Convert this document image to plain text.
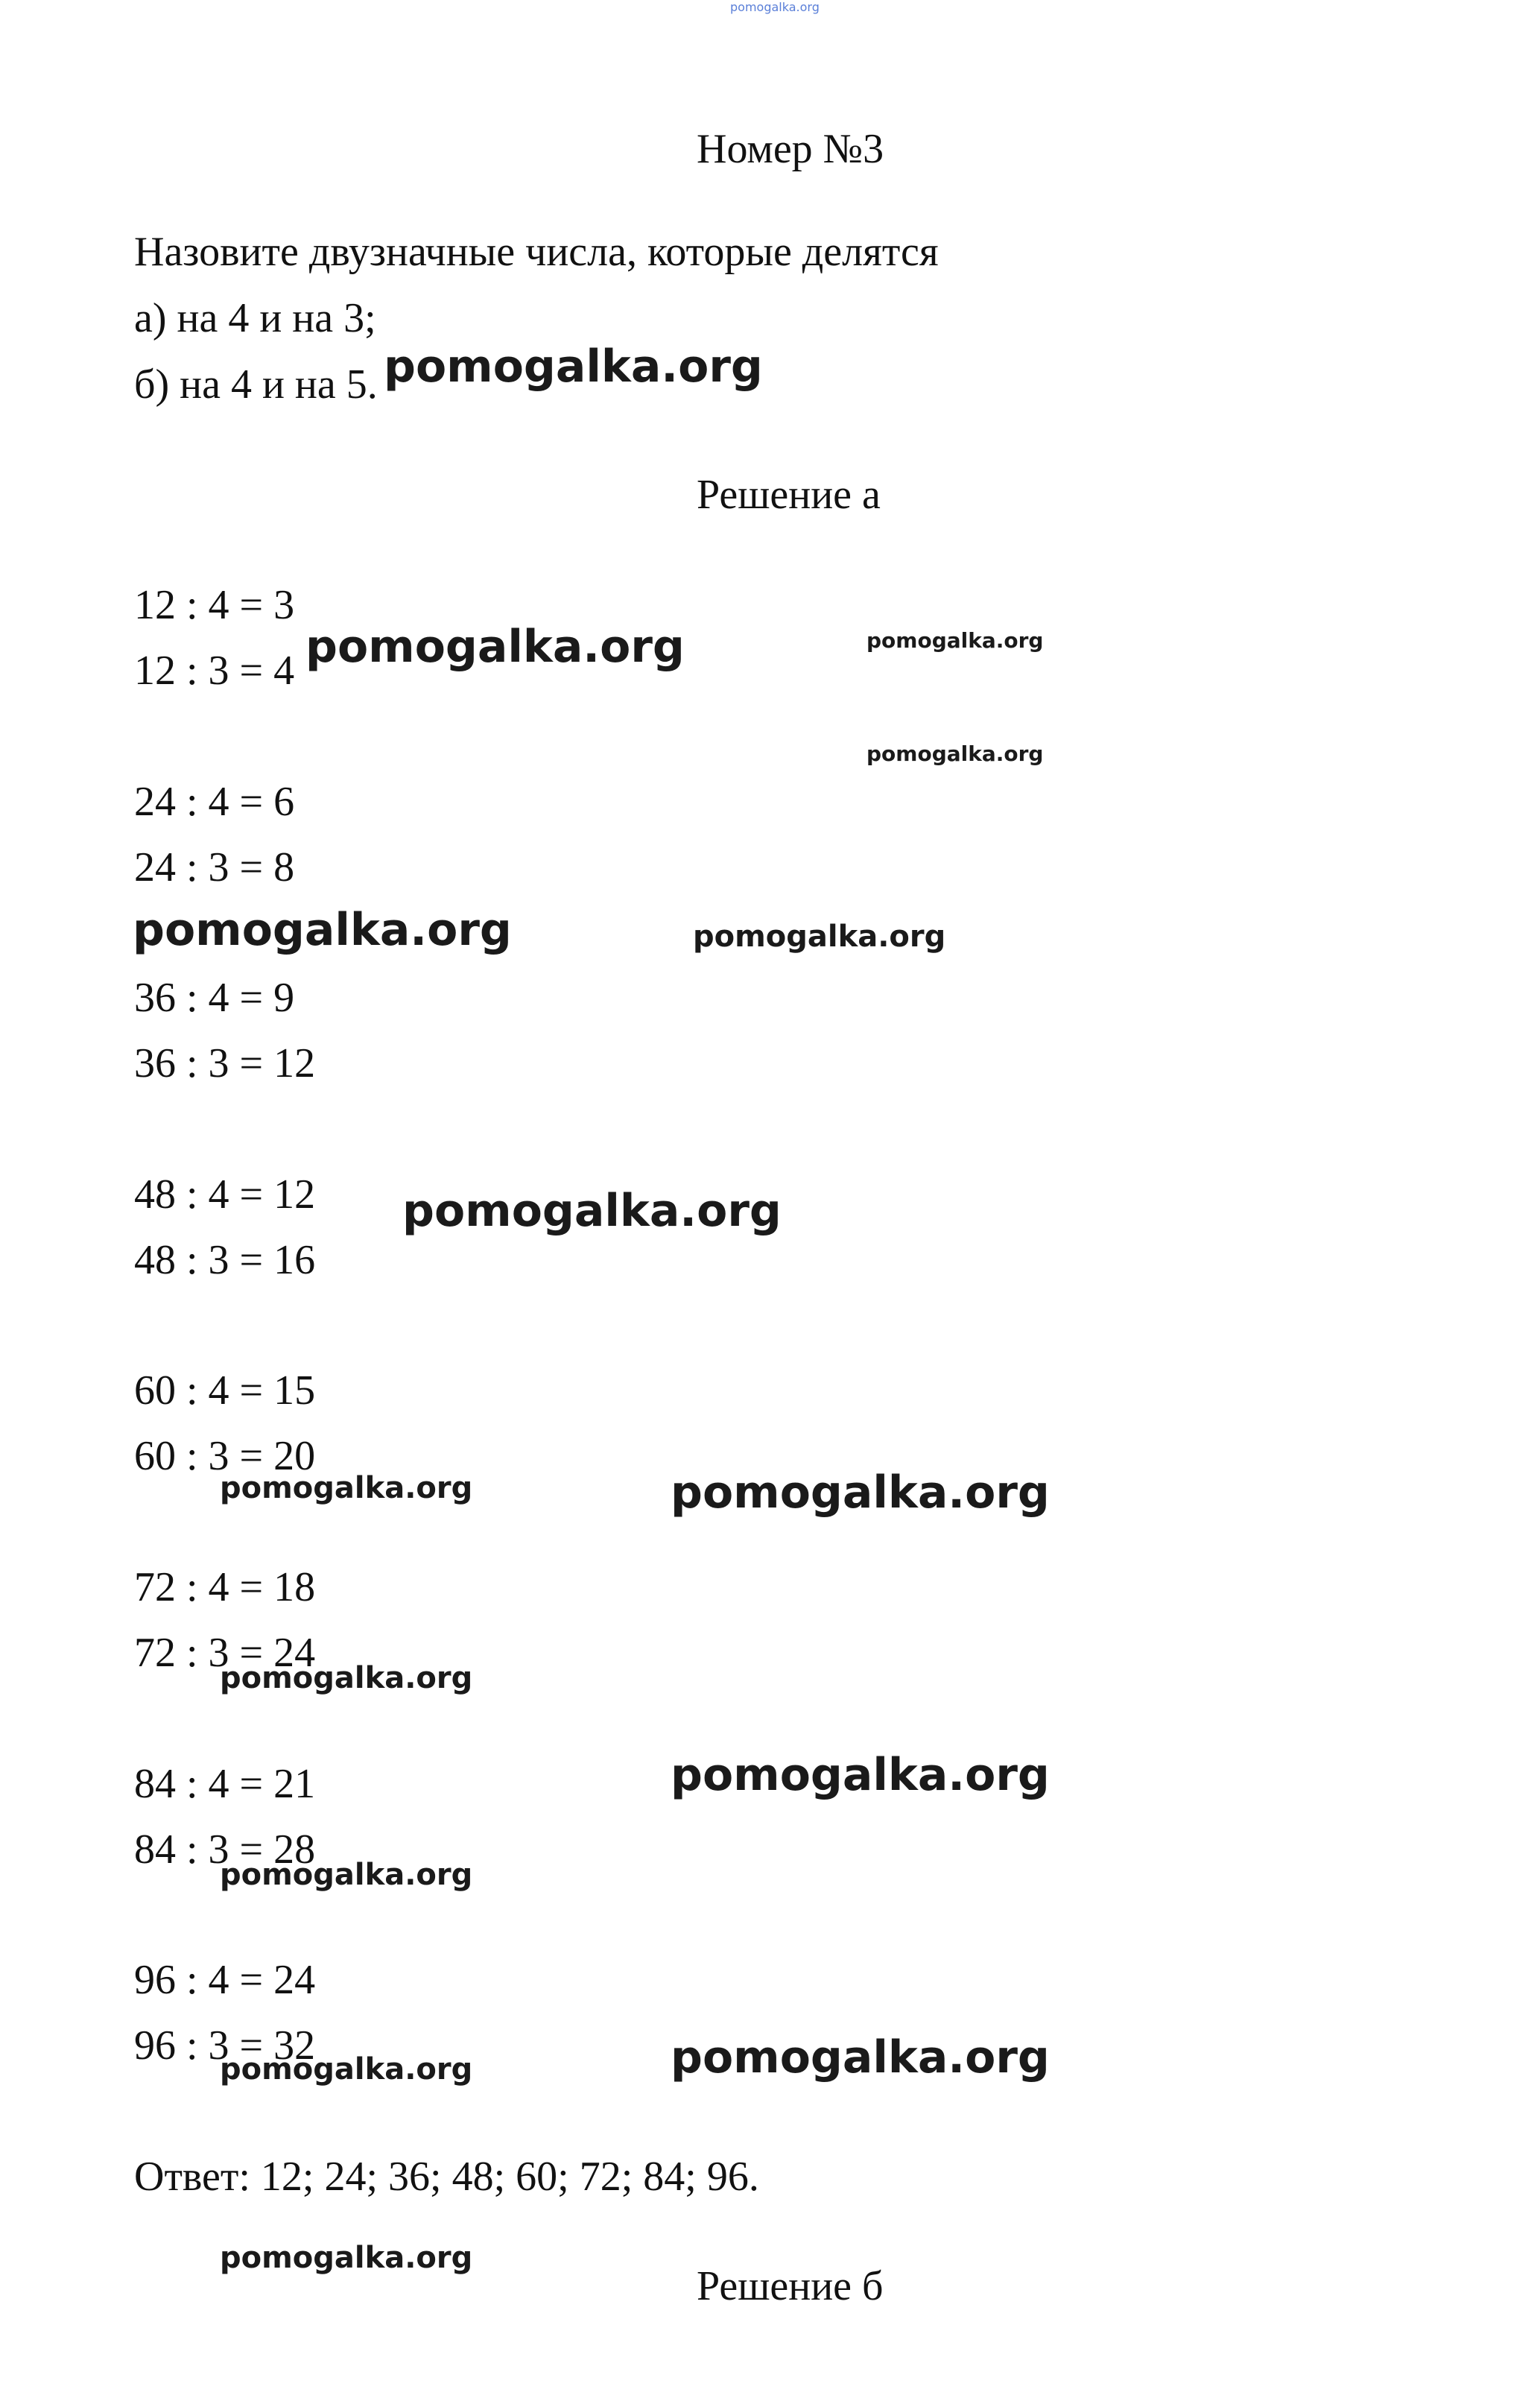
pomogalka.org
Номер №3
Назовите двузначные числа, которые делятся
а) на 4 и на 3;
б) на 4 и на 5.
Решение а
12 : 4 = 3
12 : 3 = 4
24 : 4 = 6
24 : 3 = 8
36 : 4 = 9
36 : 3 = 12
48 : 4 = 12
48 : 3 = 16
60 : 4 = 15
60 : 3 = 20
72 : 4 = 18
72 : 3 = 24
84 : 4 = 21
84 : 3 = 28
96 : 4 = 24
96 : 3 = 32
Ответ: 12; 24; 36; 48; 60; 72; 84; 96.
Решение б
pomogalka.org
pomogalka.org	pomogalka.org
pomogalka.org
pomogalka.org	pomogalka.org
pomogalka.org
pomogalka.org	pomogalka.org
pomogalka.org
pomogalka.org
pomogalka.org
pomogalka.org
pomogalka.org
pomogalka.org
